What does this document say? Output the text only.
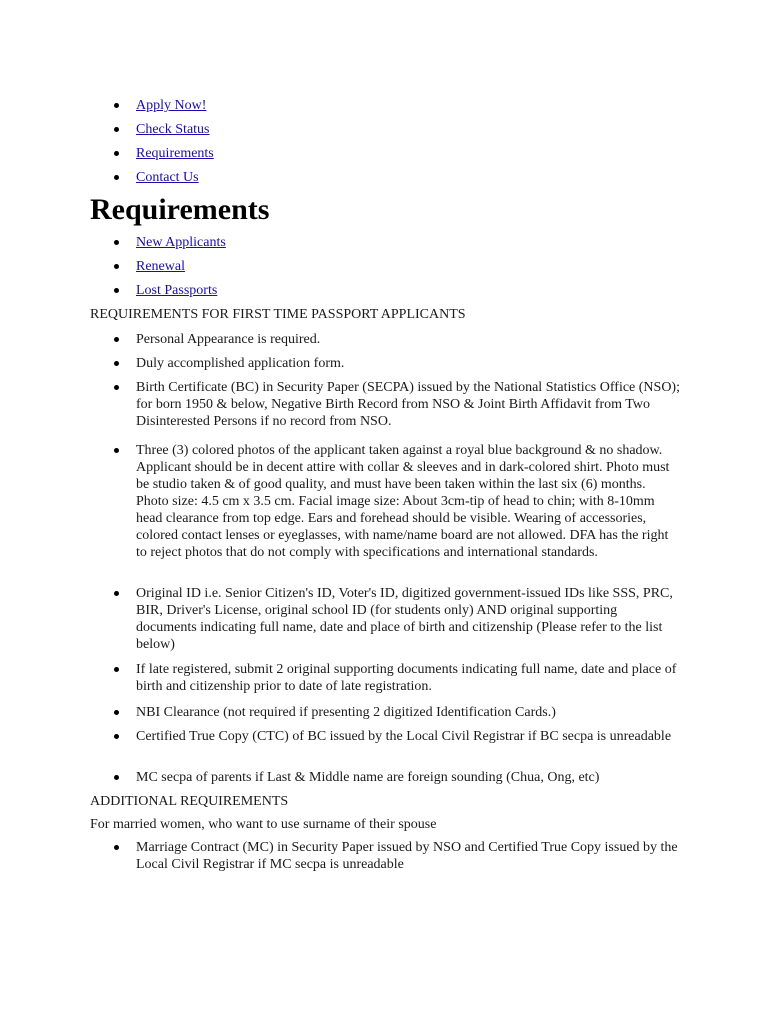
Apply Now!
Check Status
Requirements
Contact Us
Requirements
New Applicants
Renewal
Lost Passports
REQUIREMENTS FOR FIRST TIME PASSPORT APPLICANTS
Personal Appearance is required.
Duly accomplished application form.
Birth Certificate (BC) in Security Paper (SECPA) issued by the National Statistics Office (NSO); for born 1950 & below, Negative Birth Record from NSO & Joint Birth Affidavit from Two Disinterested Persons if no record from NSO.
Three (3) colored photos of the applicant taken against a royal blue background & no shadow. Applicant should be in decent attire with collar & sleeves and in dark-colored shirt. Photo must be studio taken & of good quality, and must have been taken within the last six (6) months. Photo size: 4.5 cm x 3.5 cm. Facial image size: About 3cm-tip of head to chin; with 8-10mm head clearance from top edge. Ears and forehead should be visible. Wearing of accessories, colored contact lenses or eyeglasses, with name/name board are not allowed. DFA has the right to reject photos that do not comply with specifications and international standards.
Original ID i.e. Senior Citizen's ID, Voter's ID, digitized government-issued IDs like SSS, PRC, BIR, Driver's License, original school ID (for students only) AND original supporting documents indicating full name, date and place of birth and citizenship (Please refer to the list below)
If late registered, submit 2 original supporting documents indicating full name, date and place of birth and citizenship prior to date of late registration.
NBI Clearance (not required if presenting 2 digitized Identification Cards.)
Certified True Copy (CTC) of BC issued by the Local Civil Registrar if BC secpa is unreadable
MC secpa of parents if Last & Middle name are foreign sounding (Chua, Ong, etc)
ADDITIONAL REQUIREMENTS
For married women, who want to use surname of their spouse
Marriage Contract (MC) in Security Paper issued by NSO and Certified True Copy issued by the Local Civil Registrar if MC secpa is unreadable
